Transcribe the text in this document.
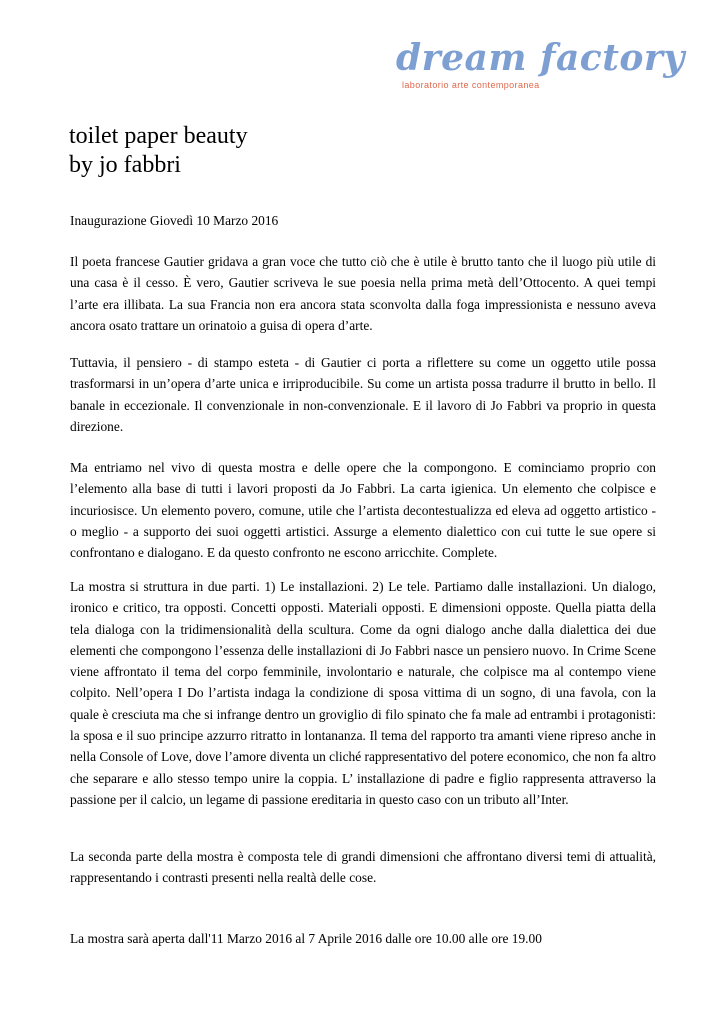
dream factory
laboratorio arte contemporanea
toilet paper beauty
by jo fabbri

Inaugurazione Giovedì 10 Marzo 2016

Il poeta francese Gautier gridava a gran voce che tutto ciò che è utile è brutto tanto che il luogo più utile di una casa è il cesso. È vero, Gautier scriveva le sue poesia nella prima metà dell’Ottocento. A quei tempi l’arte era illibata. La sua Francia non era ancora stata sconvolta dalla foga impressionista e nessuno aveva ancora osato trattare un orinatoio a guisa di opera d’arte.

Tuttavia, il pensiero - di stampo esteta - di Gautier ci porta a riflettere su come un oggetto utile possa trasformarsi in un’opera d’arte unica e irriproducibile. Su come un artista possa tradurre il brutto in bello. Il banale in eccezionale. Il convenzionale in non-convenzionale. E il lavoro di Jo Fabbri va proprio in questa direzione.

Ma entriamo nel vivo di questa mostra e delle opere che la compongono. E cominciamo proprio con l’elemento alla base di tutti i lavori proposti da Jo Fabbri. La carta igienica. Un elemento che colpisce e incuriosisce. Un elemento povero, comune, utile che l’artista decontestualizza ed eleva ad oggetto artistico - o meglio - a supporto dei suoi oggetti artistici. Assurge a elemento dialettico con cui tutte le sue opere si confrontano e dialogano. E da questo confronto ne escono arricchite. Complete.

La mostra si struttura in due parti. 1) Le installazioni. 2) Le tele. Partiamo dalle installazioni. Un dialogo, ironico e critico, tra opposti. Concetti opposti. Materiali opposti. E dimensioni opposte. Quella piatta della tela dialoga con la tridimensionalità della scultura. Come da ogni dialogo anche dalla dialettica dei due elementi che compongono l’essenza delle installazioni di Jo Fabbri nasce un pensiero nuovo. In Crime Scene viene affrontato il tema del corpo femminile, involontario e naturale, che colpisce ma al contempo viene colpito. Nell’opera I Do l’artista indaga la condizione di sposa vittima di un sogno, di una favola, con la quale è cresciuta ma che si infrange dentro un groviglio di filo spinato che fa male ad entrambi i protagonisti: la sposa e il suo principe azzurro ritratto in lontananza. Il tema del rapporto tra amanti viene ripreso anche in nella Console of Love, dove l’amore diventa un cliché rappresentativo del potere economico, che non fa altro che separare e allo stesso tempo unire la coppia. L’ installazione di padre e figlio rappresenta attraverso la passione per il calcio, un legame di passione ereditaria in questo caso con un tributo all’Inter.

La seconda parte della mostra è composta tele di grandi dimensioni che affrontano diversi temi di attualità, rappresentando i contrasti presenti nella realtà delle cose.

La mostra sarà aperta dall'11 Marzo 2016 al 7 Aprile 2016 dalle ore 10.00 alle ore 19.00
